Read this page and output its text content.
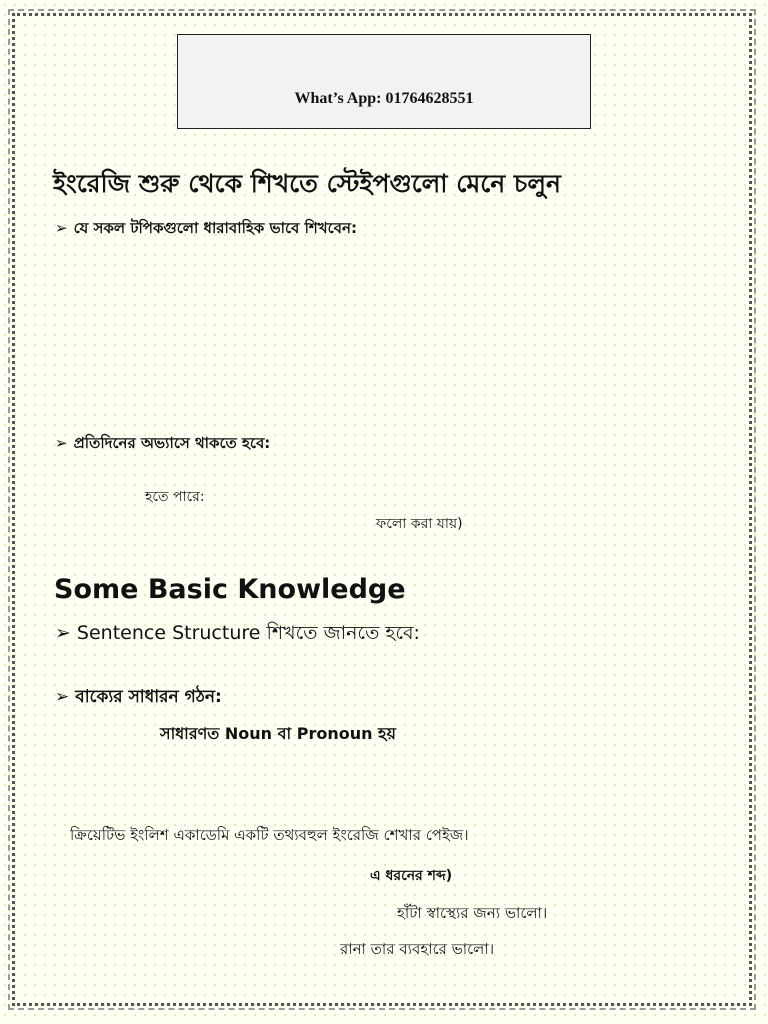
What’s App: 01764628551
ইংরেজি শুরু থেকে শিখতে স্টেইপগুলো মেনে চলুন
➢ যে সকল টপিকগুলো ধারাবাহিক ভাবে শিখবেন:
➢ প্রতিদিনের অভ্যাসে থাকতে হবে:
হতে পারে:
ফলো করা যায়)
Some Basic Knowledge
➢ Sentence Structure শিখতে জানতে হবে:
➢ বাক্যের সাধারন গঠন:
সাধারণত Noun বা Pronoun হয়
ক্রিয়েটিভ ইংলিশ একাডেমি একটি তথ্যবহুল ইংরেজি শেখার পেইজ।
এ ধরনের শব্দ)
হাঁটা স্বাস্থ্যের জন্য ভালো।
রানা তার ব্যবহারে ভালো।
